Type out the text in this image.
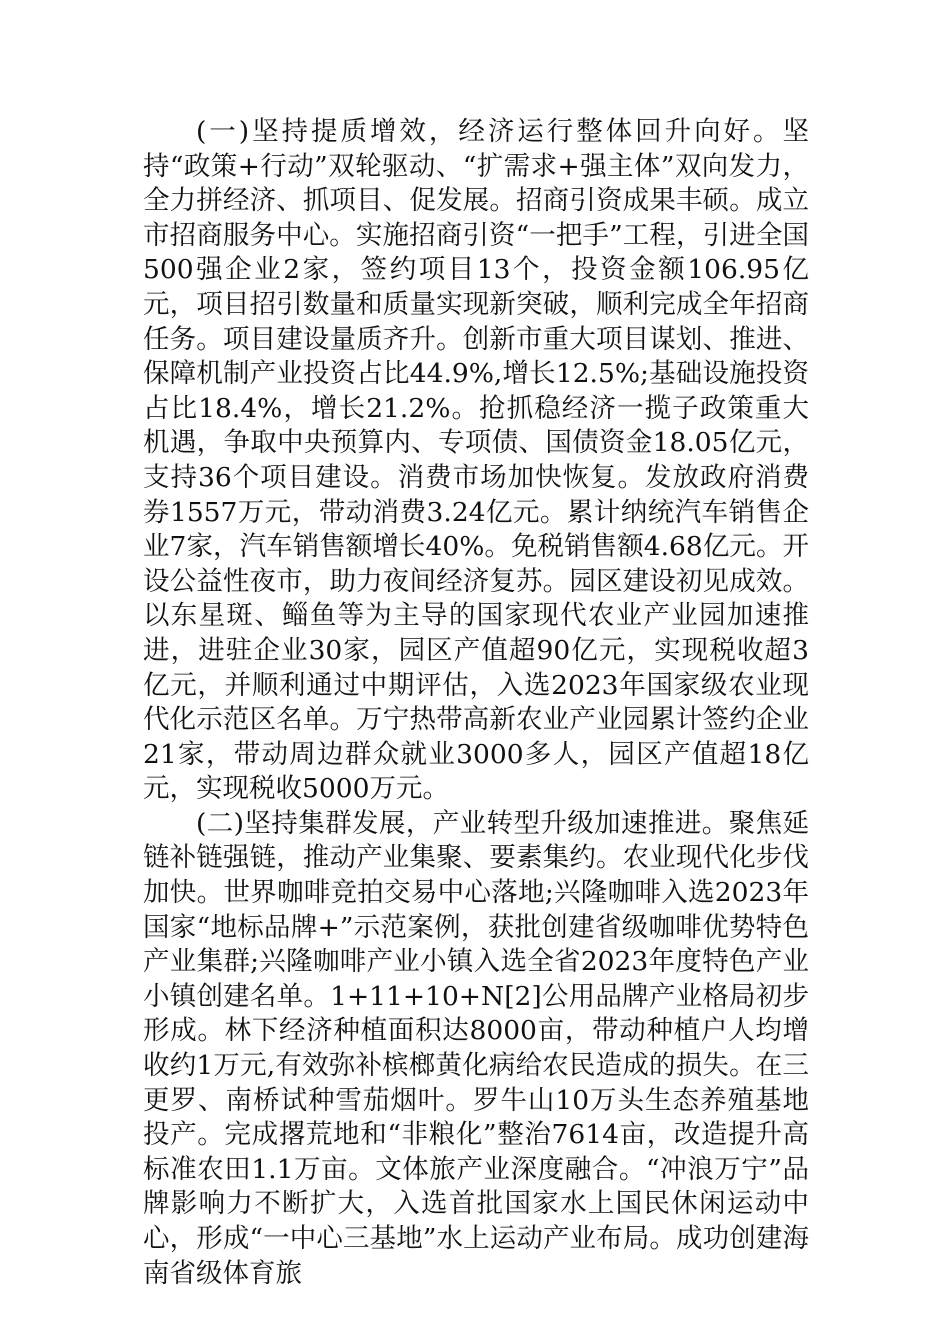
(一)坚持提质增效，经济运行整体回升向好。坚持“政策+行动”双轮驱动、“扩需求+强主体”双向发力，全力拼经济、抓项目、促发展。招商引资成果丰硕。成立市招商服务中心。实施招商引资“一把手”工程，引进全国500强企业2家，签约项目13个，投资金额106.95亿元，项目招引数量和质量实现新突破，顺利完成全年招商任务。项目建设量质齐升。创新市重大项目谋划、推进、保障机制产业投资占比44.9%,增长12.5%;基础设施投资占比18.4%，增长21.2%。抢抓稳经济一揽子政策重大机遇，争取中央预算内、专项债、国债资金18.05亿元，支持36个项目建设。消费市场加快恢复。发放政府消费券1557万元，带动消费3.24亿元。累计纳统汽车销售企业7家，汽车销售额增长40%。免税销售额4.68亿元。开设公益性夜市，助力夜间经济复苏。园区建设初见成效。以东星斑、鲻鱼等为主导的国家现代农业产业园加速推进，进驻企业30家，园区产值超90亿元，实现税收超3亿元，并顺利通过中期评估，入选2023年国家级农业现代化示范区名单。万宁热带高新农业产业园累计签约企业21家，带动周边群众就业3000多人，园区产值超18亿元，实现税收5000万元。

(二)坚持集群发展，产业转型升级加速推进。聚焦延链补链强链，推动产业集聚、要素集约。农业现代化步伐加快。世界咖啡竞拍交易中心落地;兴隆咖啡入选2023年国家“地标品牌+”示范案例，获批创建省级咖啡优势特色产业集群;兴隆咖啡产业小镇入选全省2023年度特色产业小镇创建名单。1+11+10+N[2]公用品牌产业格局初步形成。林下经济种植面积达8000亩，带动种植户人均增收约1万元,有效弥补槟榔黄化病给农民造成的损失。在三更罗、南桥试种雪茄烟叶。罗牛山10万头生态养殖基地投产。完成撂荒地和“非粮化”整治7614亩，改造提升高标准农田1.1万亩。文体旅产业深度融合。“冲浪万宁”品牌影响力不断扩大，入选首批国家水上国民休闲运动中心，形成“一中心三基地”水上运动产业布局。成功创建海南省级体育旅
